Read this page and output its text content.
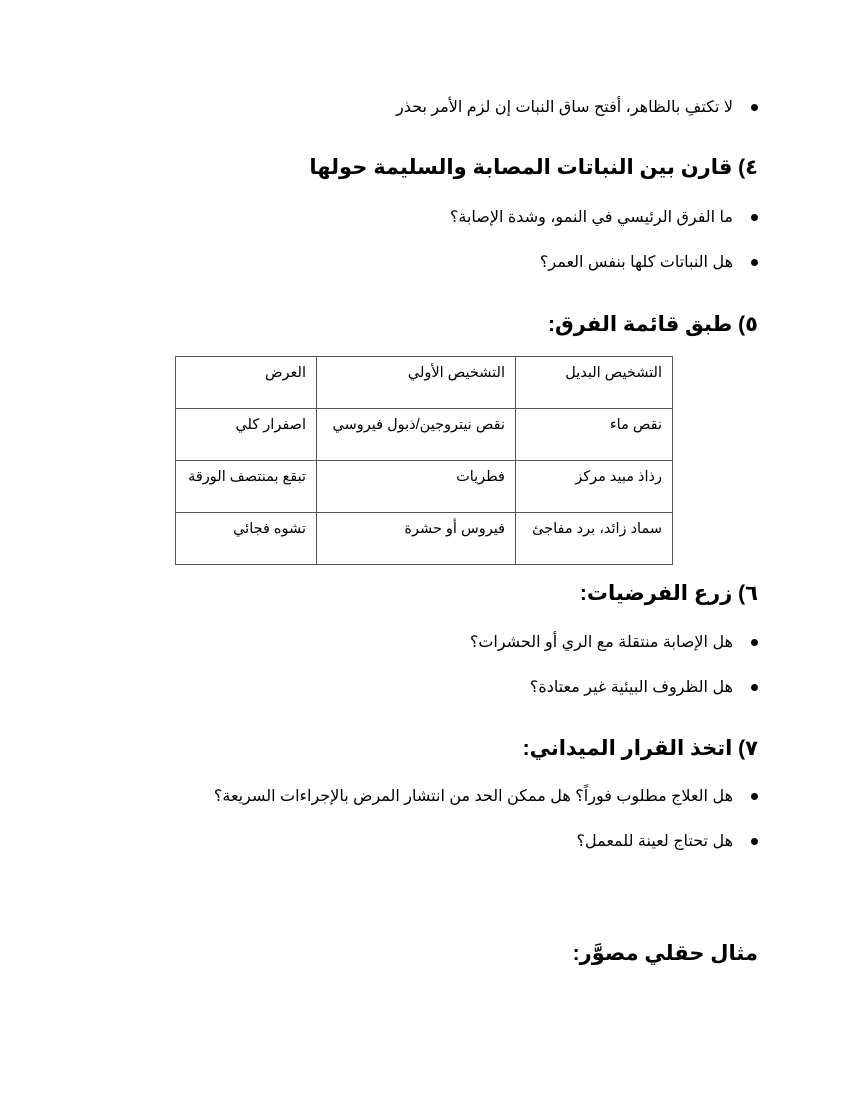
لا تكتفِ بالظاهر، أفتح ساق النبات إن لزم الأمر بحذر
٤) قارن بين النباتات المصابة والسليمة حولها
ما الفرق الرئيسي في النمو، وشدة الإصابة؟
هل النباتات كلها بنفس العمر؟
٥) طبق قائمة الفرق:
التشخيص البديل	التشخيص الأولي	العرض
نقص ماء	نقص نيتروجين/ذبول فيروسي	اصفرار كلي
رذاذ مبيد مركز	فطريات	تبقع بمنتصف الورقة
سماد زائد، برد مفاجئ	فيروس أو حشرة	تشوه فجائي
٦) زرع الفرضيات:
هل الإصابة منتقلة مع الري أو الحشرات؟
هل الظروف البيئية غير معتادة؟
٧) اتخذ القرار الميداني:
هل العلاج مطلوب فوراً؟ هل ممكن الحد من انتشار المرض بالإجراءات السريعة؟
هل تحتاج لعينة للمعمل؟
مثال حقلي مصوَّر:
